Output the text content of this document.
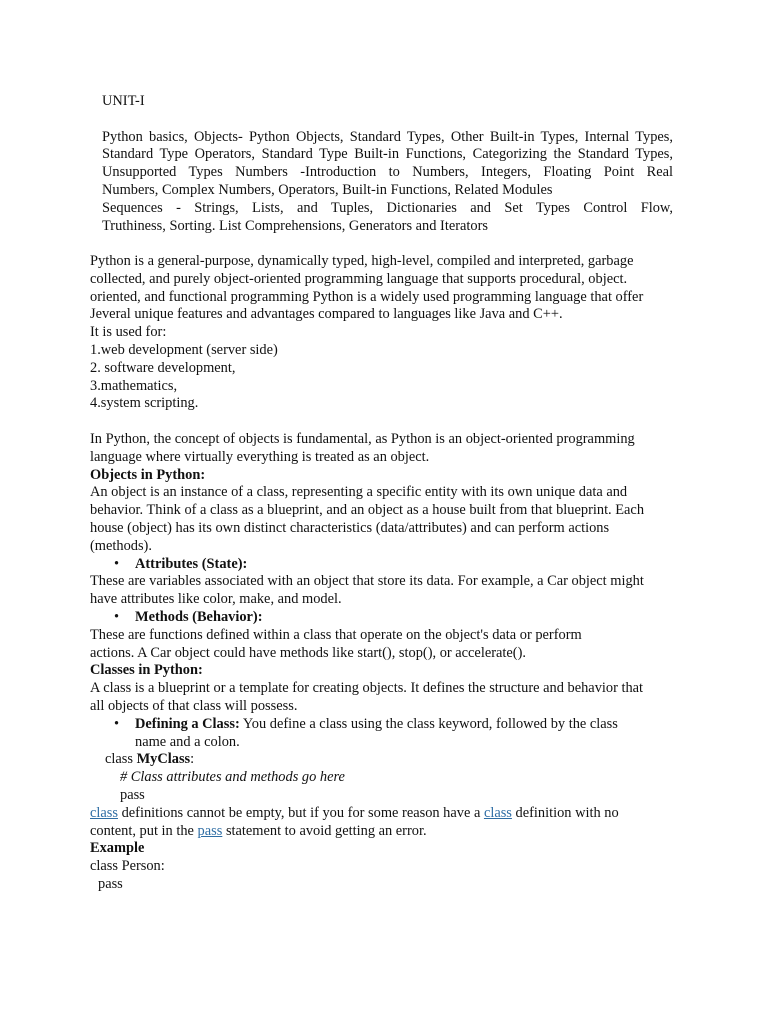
UNIT-I
Python basics, Objects- Python Objects, Standard Types, Other Built-in Types, Internal Types,
Standard Type Operators, Standard Type Built-in Functions, Categorizing the Standard Types,
Unsupported Types Numbers -Introduction to Numbers, Integers, Floating Point Real
Numbers, Complex Numbers, Operators, Built-in Functions, Related Modules
Sequences - Strings, Lists, and Tuples, Dictionaries and Set Types Control Flow,
Truthiness, Sorting. List Comprehensions, Generators and Iterators
Python is a general-purpose, dynamically typed, high-level, compiled and interpreted, garbage
collected, and purely object-oriented programming language that supports procedural, object.
oriented, and functional programming Python is a widely used programming language that offer
Jeveral unique features and advantages compared to languages like Java and C++.
It is used for:
1.web development (server side)
2. software development,
3.mathematics,
4.system scripting.
In Python, the concept of objects is fundamental, as Python is an object-oriented programming
language where virtually everything is treated as an object.
Objects in Python:
An object is an instance of a class, representing a specific entity with its own unique data and
behavior. Think of a class as a blueprint, and an object as a house built from that blueprint. Each
house (object) has its own distinct characteristics (data/attributes) and can perform actions
(methods).
• Attributes (State):
These are variables associated with an object that store its data. For example, a Car object might
have attributes like color, make, and model.
• Methods (Behavior):
These are functions defined within a class that operate on the object's data or perform
actions. A Car object could have methods like start(), stop(), or accelerate().
Classes in Python:
A class is a blueprint or a template for creating objects. It defines the structure and behavior that
all objects of that class will possess.
• Defining a Class: You define a class using the class keyword, followed by the class
name and a colon.
class MyClass:
# Class attributes and methods go here
pass
class definitions cannot be empty, but if you for some reason have a class definition with no
content, put in the pass statement to avoid getting an error.
Example
class Person:
pass
